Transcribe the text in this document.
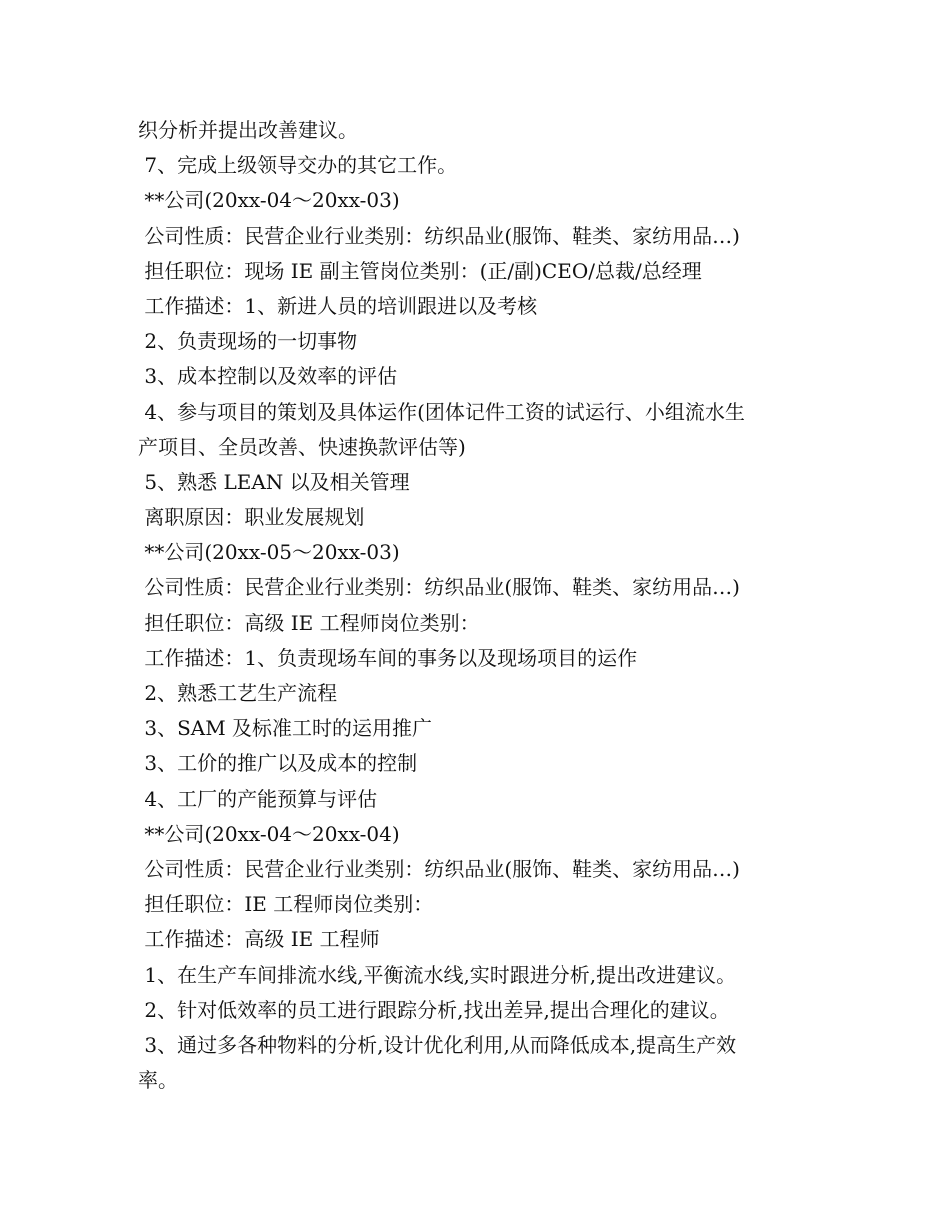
织分析并提出改善建议。
7、完成上级领导交办的其它工作。
**公司(20xx-04～20xx-03)
公司性质：民营企业行业类别：纺织品业(服饰、鞋类、家纺用品…)
担任职位：现场 IE 副主管岗位类别：(正/副)CEO/总裁/总经理
工作描述：1、新进人员的培训跟进以及考核
2、负责现场的一切事物
3、成本控制以及效率的评估
4、参与项目的策划及具体运作(团体记件工资的试运行、小组流水生
产项目、全员改善、快速换款评估等)
5、熟悉 LEAN 以及相关管理
离职原因：职业发展规划
**公司(20xx-05～20xx-03)
公司性质：民营企业行业类别：纺织品业(服饰、鞋类、家纺用品…)
担任职位：高级 IE 工程师岗位类别：
工作描述：1、负责现场车间的事务以及现场项目的运作
2、熟悉工艺生产流程
3、SAM 及标准工时的运用推广
3、工价的推广以及成本的控制
4、工厂的产能预算与评估
**公司(20xx-04～20xx-04)
公司性质：民营企业行业类别：纺织品业(服饰、鞋类、家纺用品…)
担任职位：IE 工程师岗位类别：
工作描述：高级 IE 工程师
1、在生产车间排流水线,平衡流水线,实时跟进分析,提出改进建议。
2、针对低效率的员工进行跟踪分析,找出差异,提出合理化的建议。
3、通过多各种物料的分析,设计优化利用,从而降低成本,提高生产效
率。
